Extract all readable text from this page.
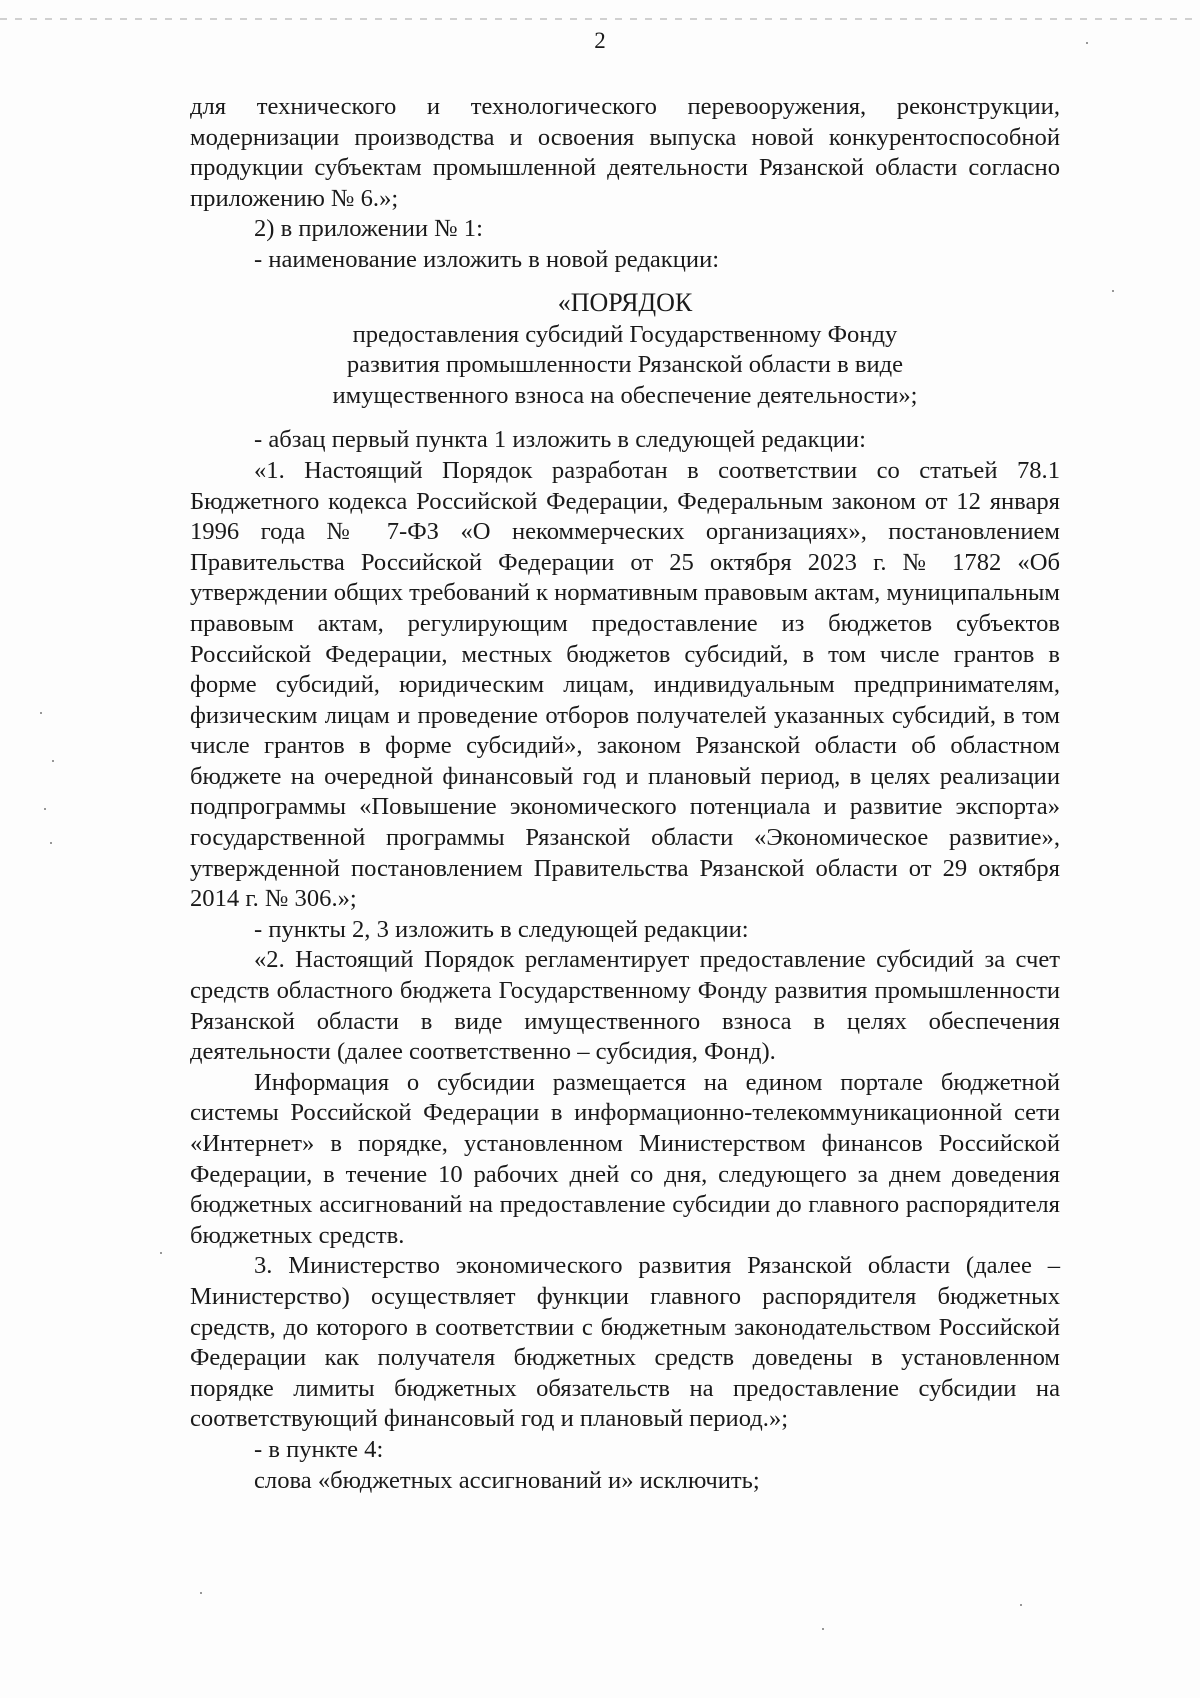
2

для технического и технологического перевооружения, реконструкции, модернизации производства и освоения выпуска новой конкурентоспособной продукции субъектам промышленной деятельности Рязанской области согласно приложению № 6.»;

2) в приложении № 1:

- наименование изложить в новой редакции:

«ПОРЯДОК

предоставления субсидий Государственному Фонду

развития промышленности Рязанской области в виде

имущественного взноса на обеспечение деятельности»;

- абзац первый пункта 1 изложить в следующей редакции:

«1. Настоящий Порядок разработан в соответствии со статьей 78.1 Бюджетного кодекса Российской Федерации, Федеральным законом от 12 января 1996 года № 7-ФЗ «О некоммерческих организациях», постановлением Правительства Российской Федерации от 25 октября 2023 г. № 1782 «Об утверждении общих требований к нормативным правовым актам, муниципальным правовым актам, регулирующим предоставление из бюджетов субъектов Российской Федерации, местных бюджетов субсидий, в том числе грантов в форме субсидий, юридическим лицам, индивидуальным предпринимателям, физическим лицам и проведение отборов получателей указанных субсидий, в том числе грантов в форме субсидий», законом Рязанской области об областном бюджете на очередной финансовый год и плановый период, в целях реализации подпрограммы «Повышение экономического потенциала и развитие экспорта» государственной программы Рязанской области «Экономическое развитие», утвержденной постановлением Правительства Рязанской области от 29 октября 2014 г. № 306.»;

- пункты 2, 3 изложить в следующей редакции:

«2. Настоящий Порядок регламентирует предоставление субсидий за счет средств областного бюджета Государственному Фонду развития промышленности Рязанской области в виде имущественного взноса в целях обеспечения деятельности (далее соответственно – субсидия, Фонд).

Информация о субсидии размещается на едином портале бюджетной системы Российской Федерации в информационно-телекоммуникационной сети «Интернет» в порядке, установленном Министерством финансов Российской Федерации, в течение 10 рабочих дней со дня, следующего за днем доведения бюджетных ассигнований на предоставление субсидии до главного распорядителя бюджетных средств.

3. Министерство экономического развития Рязанской области (далее – Министерство) осуществляет функции главного распорядителя бюджетных средств, до которого в соответствии с бюджетным законодательством Российской Федерации как получателя бюджетных средств доведены в установленном порядке лимиты бюджетных обязательств на предоставление субсидии на соответствующий финансовый год и плановый период.»;

- в пункте 4:

слова «бюджетных ассигнований и» исключить;
